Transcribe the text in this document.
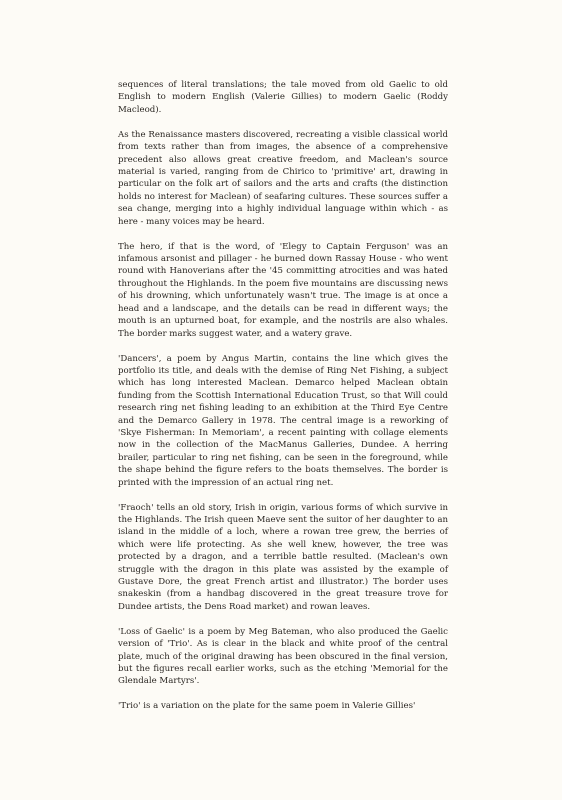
sequences of literal translations; the tale moved from old Gaelic to old English to modern English (Valerie Gillies) to modern Gaelic (Roddy Macleod).

As the Renaissance masters discovered, recreating a visible classical world from texts rather than from images, the absence of a comprehensive precedent also allows great creative freedom, and Maclean's source material is varied, ranging from de Chirico to 'primitive' art, drawing in particular on the folk art of sailors and the arts and crafts (the distinction holds no interest for Maclean) of seafaring cultures. These sources suffer a sea change, merging into a highly individual language within which - as here - many voices may be heard.

The hero, if that is the word, of 'Elegy to Captain Ferguson' was an infamous arsonist and pillager - he burned down Rassay House - who went round with Hanoverians after the '45 committing atrocities and was hated throughout the Highlands. In the poem five mountains are discussing news of his drowning, which unfortunately wasn't true. The image is at once a head and a landscape, and the details can be read in different ways; the mouth is an upturned boat, for example, and the nostrils are also whales. The border marks suggest water, and a watery grave.

'Dancers', a poem by Angus Martin, contains the line which gives the portfolio its title, and deals with the demise of Ring Net Fishing, a subject which has long interested Maclean. Demarco helped Maclean obtain funding from the Scottish International Education Trust, so that Will could research ring net fishing leading to an exhibition at the Third Eye Centre and the Demarco Gallery in 1978. The central image is a reworking of 'Skye Fisherman: In Memoriam', a recent painting with collage elements now in the collection of the MacManus Galleries, Dundee. A herring brailer, particular to ring net fishing, can be seen in the foreground, while the shape behind the figure refers to the boats themselves. The border is printed with the impression of an actual ring net.

'Fraoch' tells an old story, Irish in origin, various forms of which survive in the Highlands. The Irish queen Maeve sent the suitor of her daughter to an island in the middle of a loch, where a rowan tree grew, the berries of which were life protecting. As she well knew, however, the tree was protected by a dragon, and a terrible battle resulted. (Maclean's own struggle with the dragon in this plate was assisted by the example of Gustave Dore, the great French artist and illustrator.) The border uses snakeskin (from a handbag discovered in the great treasure trove for Dundee artists, the Dens Road market) and rowan leaves.

'Loss of Gaelic' is a poem by Meg Bateman, who also produced the Gaelic version of 'Trio'. As is clear in the black and white proof of the central plate, much of the original drawing has been obscured in the final version, but the figures recall earlier works, such as the etching 'Memorial for the Glendale Martyrs'.

'Trio' is a variation on the plate for the same poem in Valerie Gillies'
